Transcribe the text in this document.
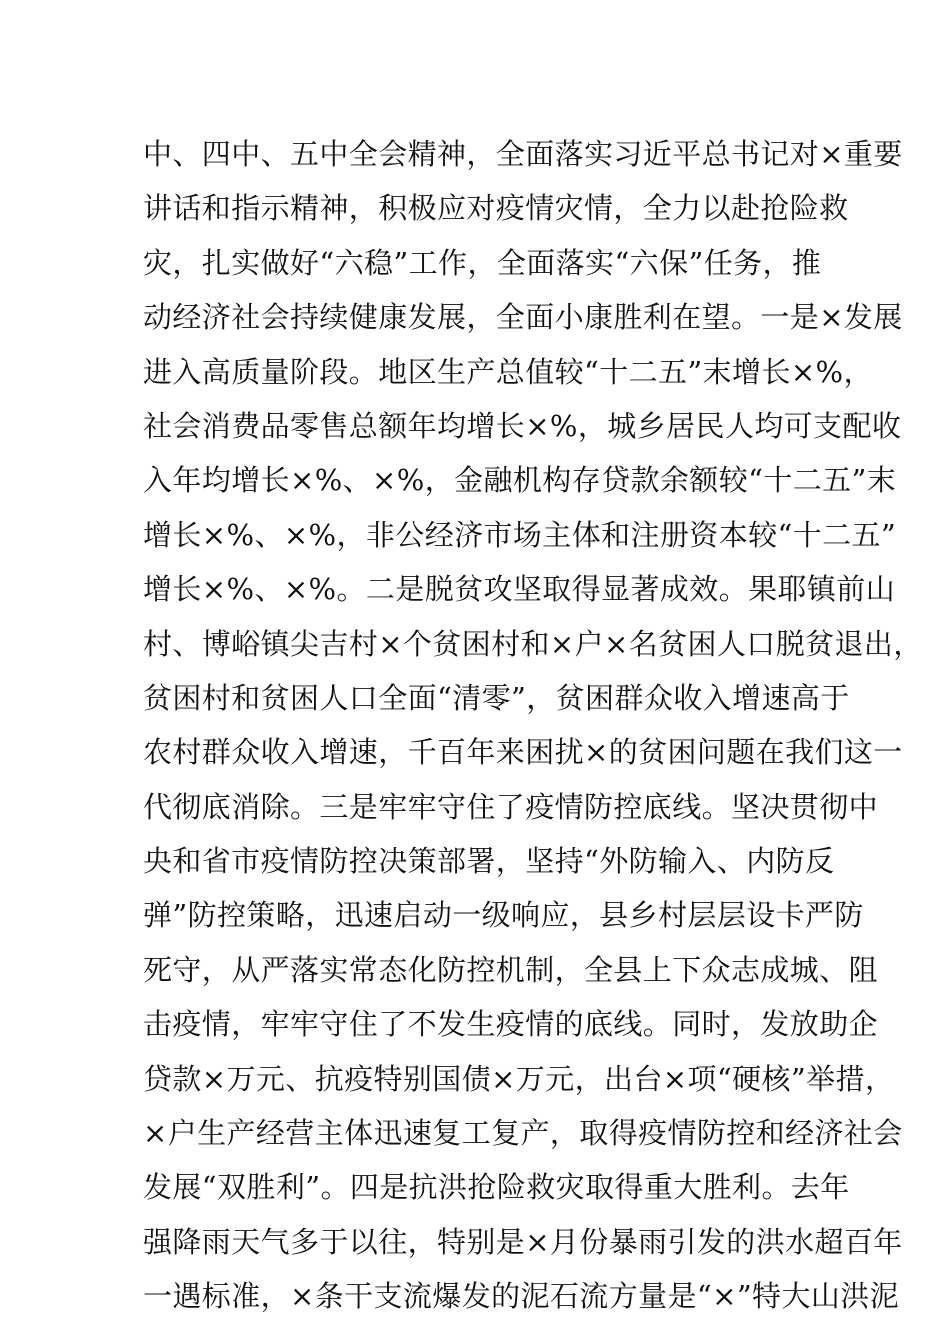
中、四中、五中全会精神，全面落实习近平总书记对×重要
讲话和指示精神，积极应对疫情灾情，全力以赴抢险救
灾，扎实做好“六稳”工作，全面落实“六保”任务，推
动经济社会持续健康发展，全面小康胜利在望。一是×发展
进入高质量阶段。地区生产总值较“十二五”末增长×%，
社会消费品零售总额年均增长×%，城乡居民人均可支配收
入年均增长×%、×%，金融机构存贷款余额较“十二五”末
增长×%、×%，非公经济市场主体和注册资本较“十二五”
增长×%、×%。二是脱贫攻坚取得显著成效。果耶镇前山
村、博峪镇尖吉村×个贫困村和×户×名贫困人口脱贫退出，
贫困村和贫困人口全面“清零”，贫困群众收入增速高于
农村群众收入增速，千百年来困扰×的贫困问题在我们这一
代彻底消除。三是牢牢守住了疫情防控底线。坚决贯彻中
央和省市疫情防控决策部署，坚持“外防输入、内防反
弹”防控策略，迅速启动一级响应，县乡村层层设卡严防
死守，从严落实常态化防控机制，全县上下众志成城、阻
击疫情，牢牢守住了不发生疫情的底线。同时，发放助企
贷款×万元、抗疫特别国债×万元，出台×项“硬核”举措，
×户生产经营主体迅速复工复产，取得疫情防控和经济社会
发展“双胜利”。四是抗洪抢险救灾取得重大胜利。去年
强降雨天气多于以往，特别是×月份暴雨引发的洪水超百年
一遇标准，×条干支流爆发的泥石流方量是“×”特大山洪泥
